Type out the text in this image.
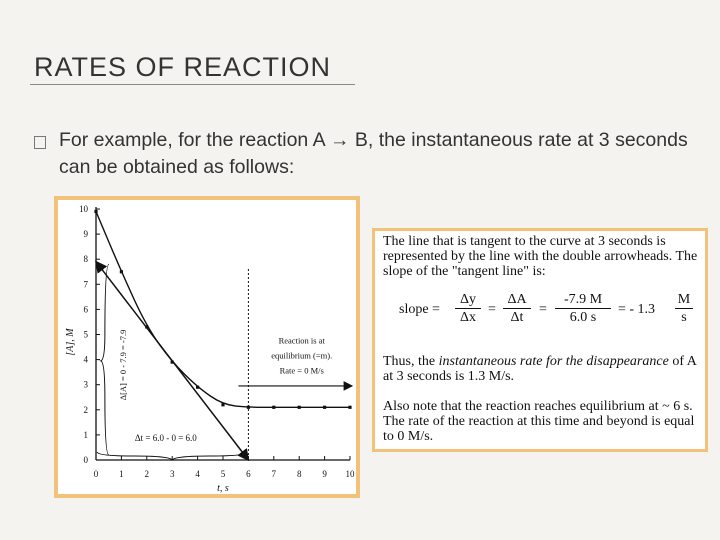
RATES OF REACTION
For example, for the reaction A → B, the instantaneous rate at 3 seconds can be obtained as follows:
0
1
2
3
4
5
6
7
8
9
10
0 1 2 3 4 5 6 7 8 9 10
[A], M
t, s
Δ[A] = 0 - 7.9 = -7.9
Δt = 6.0 - 0 = 6.0
Reaction is at
equilibrium (=m).
Rate = 0 M/s

The line that is tangent to the curve at 3 seconds is represented by the line with the double arrowheads. The slope of the "tangent line" is:

slope = $\frac{\Delta y}{\Delta x} = \frac{\Delta A}{\Delta t} = \frac{-7.9 M}{6.0 s}$ = - $1.3 \frac{M}{s}$

Thus, the instantaneous rate for the disappearance of A at 3 seconds is 1.3 M/s.

Also note that the reaction reaches equilibrium at ~ 6 s. The rate of the reaction at this time and beyond is equal to 0 M/s.
